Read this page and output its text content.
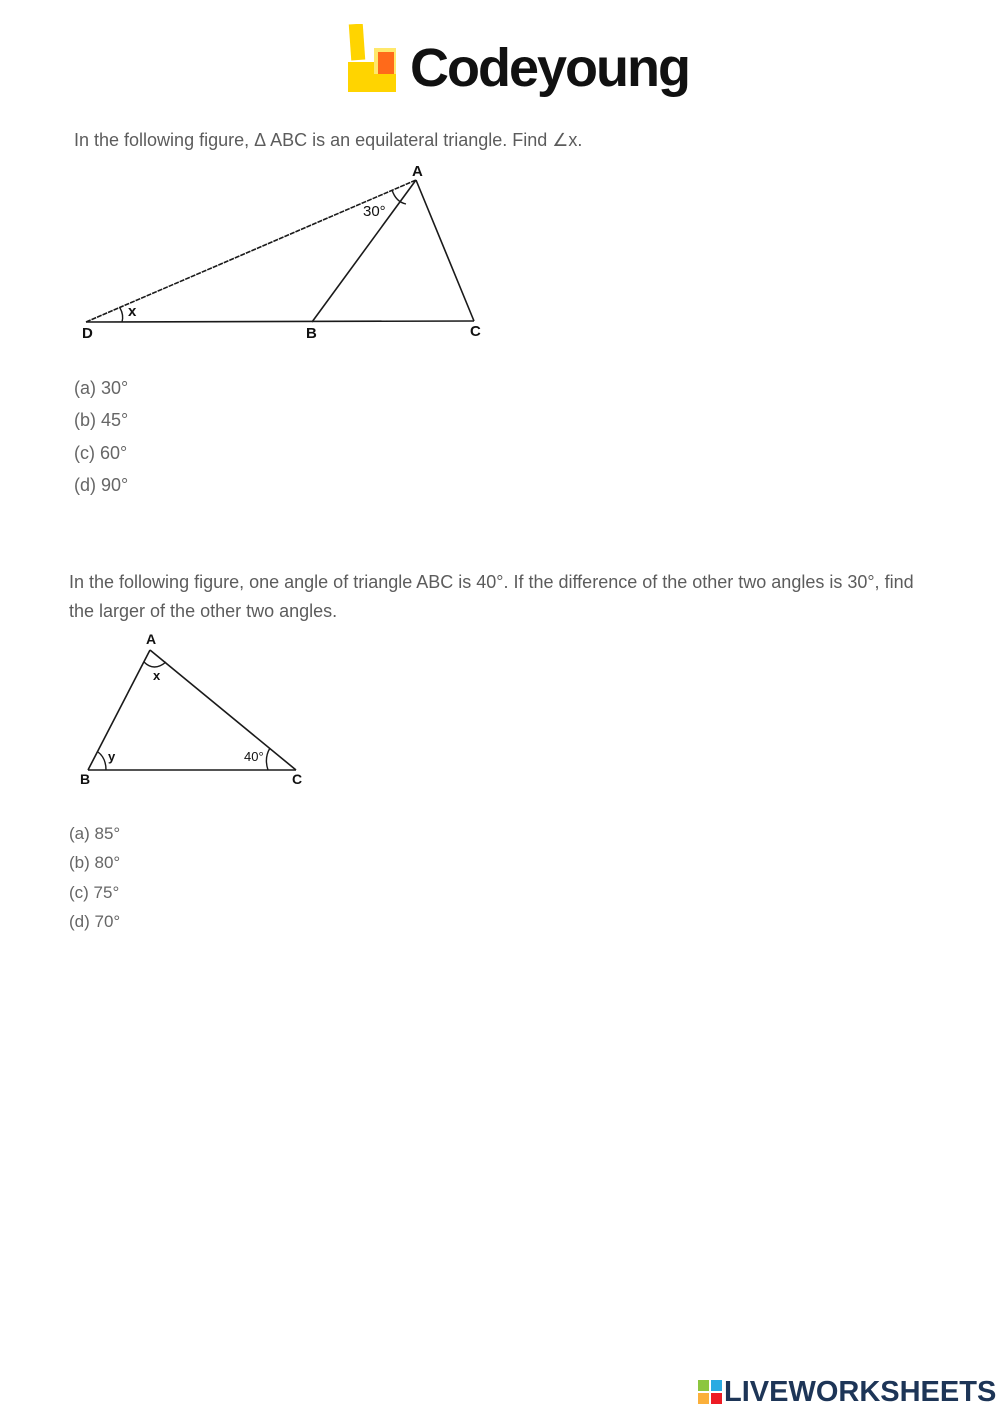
Codeyoung
In the following figure, Δ ABC is an equilateral triangle. Find ∠x.
A
D	B	C
30°
x
(a) 30°
(b) 45°
(c) 60°
(d) 90°
In the following figure, one angle of triangle ABC is 40°. If the difference of the other two angles is 30°, find the larger of the other two angles.
A
B	C
x
y	40°
(a) 85°
(b) 80°
(c) 75°
(d) 70°
LIVEWORKSHEETS
